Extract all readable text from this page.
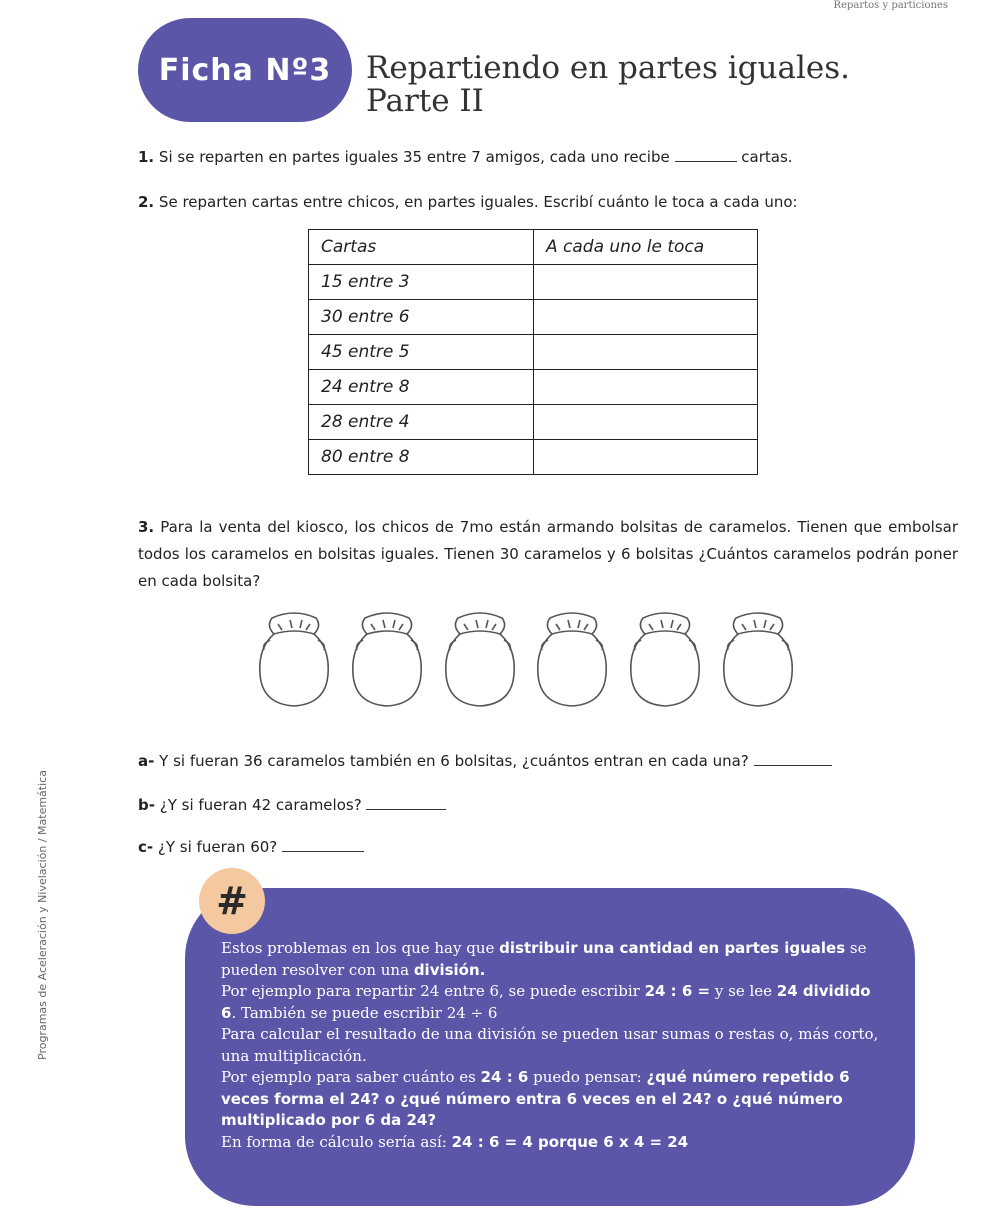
Repartos y particiones
Ficha Nº3	Repartiendo en partes iguales.
Parte II
1. Si se reparten en partes iguales 35 entre 7 amigos, cada uno recibe	cartas.
2. Se reparten cartas entre chicos, en partes iguales. Escribí cuánto le toca a cada uno:
Cartas	A cada uno le toca
15 entre 3	
30 entre 6	
45 entre 5	
24 entre 8	
28 entre 4	
80 entre 8	
3. Para la venta del kiosco, los chicos de 7mo están armando bolsitas de caramelos. Tienen que embolsar todos los caramelos en bolsitas iguales. Tienen 30 caramelos y 6 bolsitas ¿Cuántos caramelos podrán poner en cada bolsita?
a- Y si fueran 36 caramelos también en 6 bolsitas, ¿cuántos entran en cada una?
b- ¿Y si fueran 42 caramelos?
c- ¿Y si fueran 60?
Programas de Aceleración y Nivelación / Matemática	#
Estos problemas en los que hay que distribuir una cantidad en partes iguales se pueden resolver con una división.
Por ejemplo para repartir 24 entre 6, se puede escribir 24 : 6 = y se lee 24 dividido 6. También se puede escribir 24 ÷ 6
Para calcular el resultado de una división se pueden usar sumas o restas o, más corto, una multiplicación.
Por ejemplo para saber cuánto es 24 : 6 puedo pensar: ¿qué número repetido 6 veces forma el 24? o ¿qué número entra 6 veces en el 24? o ¿qué número multiplicado por 6 da 24?
En forma de cálculo sería así: 24 : 6 = 4 porque 6 x 4 = 24
